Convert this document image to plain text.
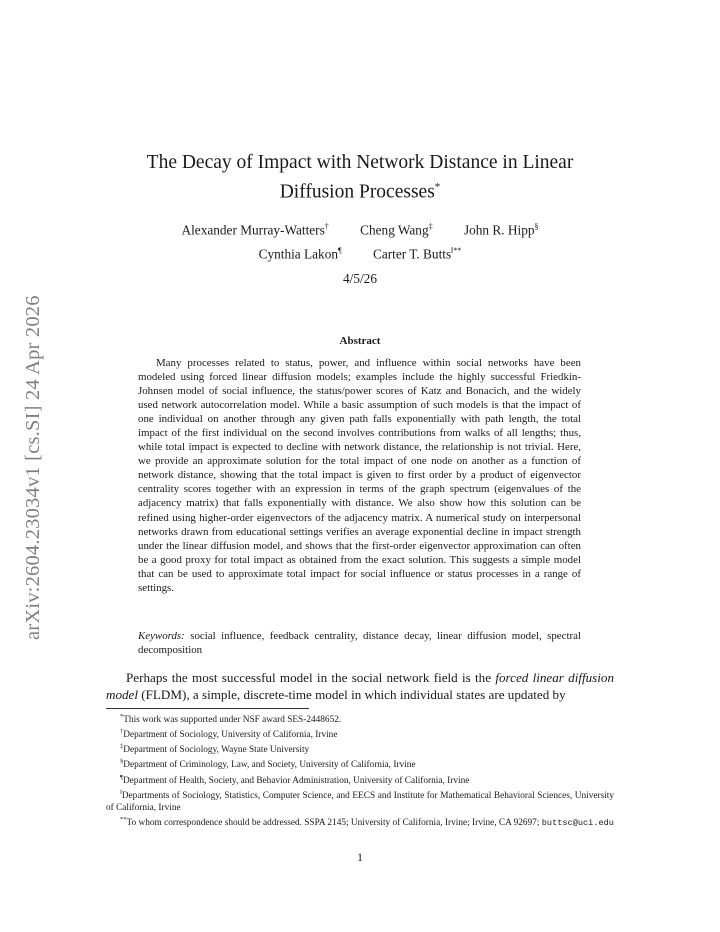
arXiv:2604.23034v1 [cs.SI] 24 Apr 2026
The Decay of Impact with Network Distance in Linear
Diffusion Processes*
Alexander Murray-Watters† Cheng Wang‡ John R. Hipp§
Cynthia Lakon¶ Carter T. Butts‖**
4/5/26
Abstract
Many processes related to status, power, and influence within social networks have been modeled using forced linear diffusion models; examples include the highly successful Friedkin-Johnsen model of social influence, the status/power scores of Katz and Bonacich, and the widely used network autocorrelation model. While a basic assumption of such models is that the impact of one individual on another through any given path falls exponentially with path length, the total impact of the first individual on the second involves contributions from walks of all lengths; thus, while total impact is expected to decline with network distance, the relationship is not trivial. Here, we provide an approximate solution for the total impact of one node on another as a function of network distance, showing that the total impact is given to first order by a product of eigenvector centrality scores together with an expression in terms of the graph spectrum (eigenvalues of the adjacency matrix) that falls exponentially with distance. We also show how this solution can be refined using higher-order eigenvectors of the adjacency matrix. A numerical study on interpersonal networks drawn from educational settings verifies an average exponential decline in impact strength under the linear diffusion model, and shows that the first-order eigenvector approximation can often be a good proxy for total impact as obtained from the exact solution. This suggests a simple model that can be used to approximate total impact for social influence or status processes in a range of settings.
Keywords: social influence, feedback centrality, distance decay, linear diffusion model, spectral decomposition
Perhaps the most successful model in the social network field is the forced linear diffusion model (FLDM), a simple, discrete-time model in which individual states are updated by

*This work was supported under NSF award SES-2448652.

†Department of Sociology, University of California, Irvine

‡Department of Sociology, Wayne State University

§Department of Criminology, Law, and Society, University of California, Irvine

¶Department of Health, Society, and Behavior Administration, University of California, Irvine

‖Departments of Sociology, Statistics, Computer Science, and EECS and Institute for Mathematical Behavioral Sciences, University of California, Irvine

**To whom correspondence should be addressed. SSPA 2145; University of California, Irvine; Irvine, CA 92697; buttsc@uci.edu

1
